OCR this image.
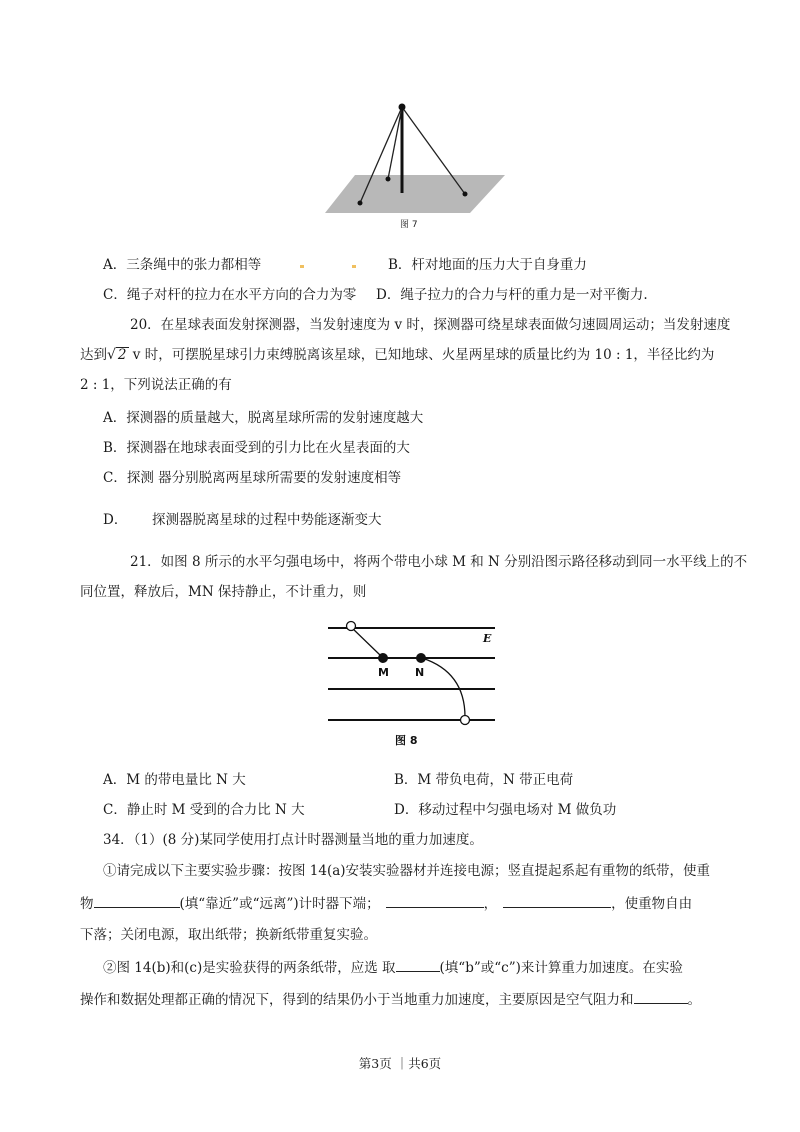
图 7
A．三条绳中的张力都相等	B．杆对地面的压力大于自身重力
C．绳子对杆的拉力在水平方向的合力为零 D．绳子拉力的合力与杆的重力是一对平衡力.
20．在星球表面发射探测器，当发射速度为 v 时，探测器可绕星球表面做匀速圆周运动；当发射速度
达到√ 2 v 时，可摆脱星球引力束缚脱离该星球，已知地球、火星两星球的质量比约为 10 : 1，半径比约为
2 : 1，下列说法正确的有
A．探测器的质量越大，脱离星球所需的发射速度越大
B．探测器在地球表面受到的引力比在火星表面的大
C．探测 器分别脱离两星球所需要的发射速度相等
D． 探测器脱离星球的过程中势能逐渐变大
21．如图 8 所示的水平匀强电场中，将两个带电小球 M 和 N 分别沿图示路径移动到同一水平线上的不
同位置，释放后，MN 保持静止，不计重力，则
E
M N
图 8
A．M 的带电量比 N 大	B．M 带负电荷，N 带正电荷
C．静止时 M 受到的合力比 N 大	D．移动过程中匀强电场对 M 做负功
34．（1）(8 分)某同学使用打点计时器测量当地的重力加速度。
①请完成以下主要实验步骤：按图 14(a)安装实验器材并连接电源；竖直提起系起有重物的纸带，使重
物	(填“靠近”或“远离”)计时器下端；	，	，使重物自由
下落；关闭电源，取出纸带；换新纸带重复实验。
②图 14(b)和(c)是实验获得的两条纸带，应选 取	(填“b”或“c”)来计算重力加速度。在实验
操作和数据处理都正确的情况下，得到的结果仍小于当地重力加速度，主要原因是空气阻力和	。
第3页 ｜共6页
